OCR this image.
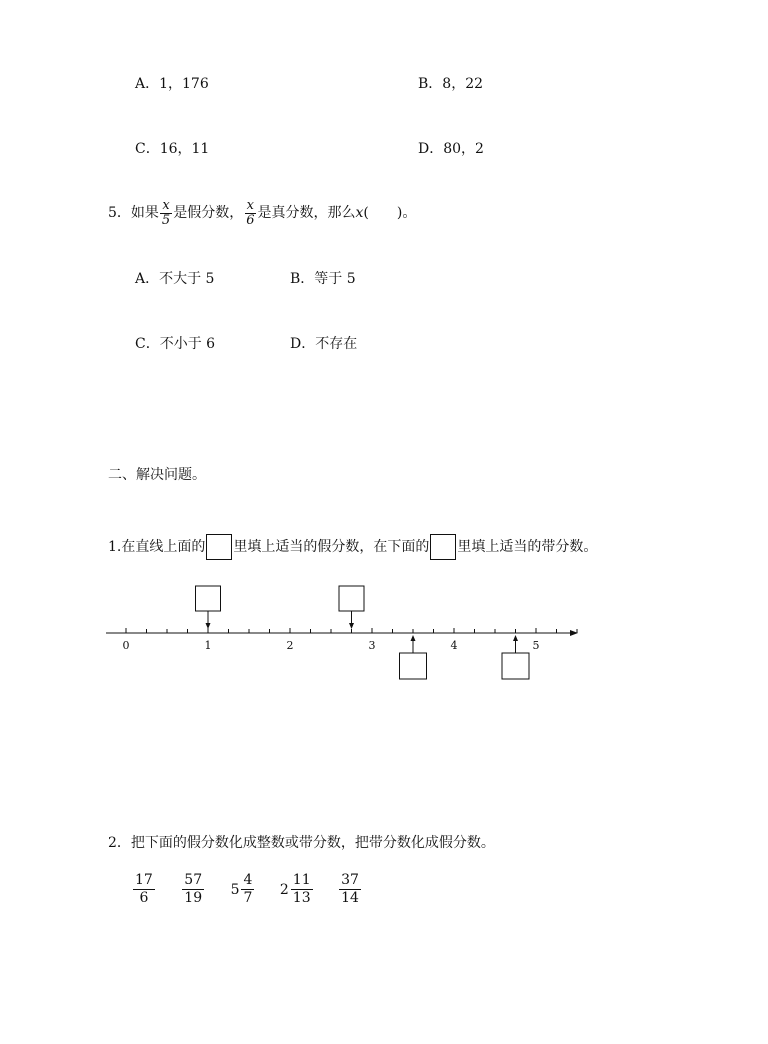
A．1，176	B．8，22
C．16，11	D．80，2
5．如果 $\frac{x}{5}$ 是假分数， $\frac{x}{6}$ 是真分数，那么x(　　)。
A．不大于 5	B．等于 5
C．不小于 6	D．不存在
二、解决问题。
1.在直线上面的 里填上适当的假分数，在下面的 里填上适当的带分数。
0	1	2	3	4	5
2．把下面的假分数化成整数或带分数，把带分数化成假分数。
$\frac{17}{6}$
$\frac{57}{19}$
$5 \frac{4}{7}$
$2 \frac{11}{13}$
$\frac{37}{14}$
